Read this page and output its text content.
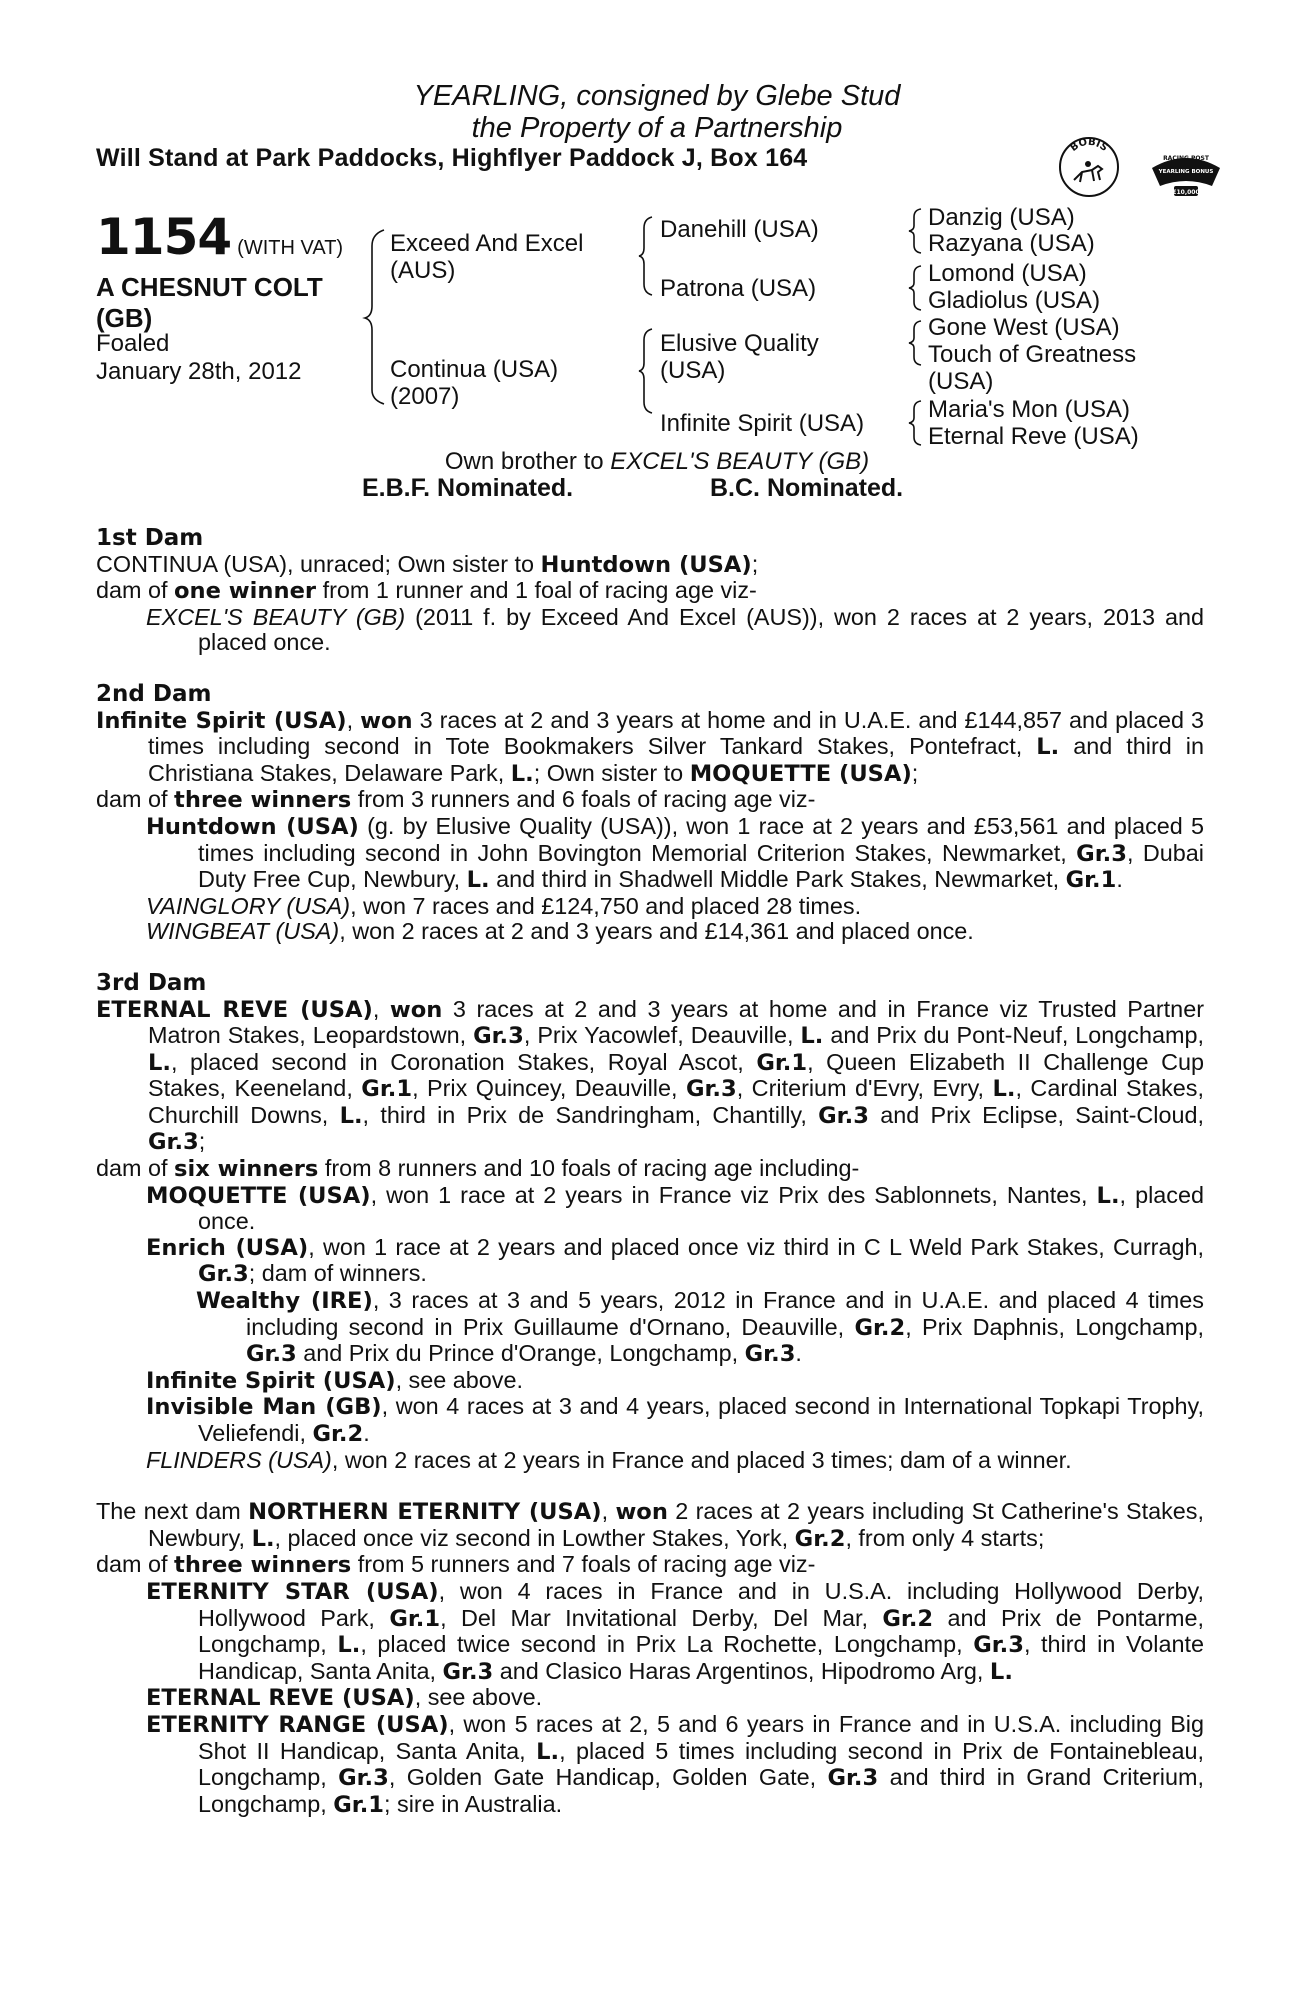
YEARLING, consigned by Glebe Stud
the Property of a Partnership
Will Stand at Park Paddocks, Highflyer Paddock J, Box 164	BOBIS
RACING POST
YEARLING BONUS
£10,000
1154 (WITH VAT)
A CHESNUT COLT
(GB)
Foaled
January 28th, 2012
Exceed And Excel
(AUS)
Continua (USA)
(2007)
Danehill (USA)
Patrona (USA)
Elusive Quality
(USA)
Infinite Spirit (USA)
Danzig (USA)
Razyana (USA)
Lomond (USA)
Gladiolus (USA)
Gone West (USA)
Touch of Greatness
(USA)
Maria's Mon (USA)
Eternal Reve (USA)
Own brother to EXCEL'S BEAUTY (GB)
E.B.F. Nominated.	B.C. Nominated.

1st Dam

CONTINUA (USA), unraced; Own sister to Huntdown (USA);

dam of one winner from 1 runner and 1 foal of racing age viz-

EXCEL'S BEAUTY (GB) (2011 f. by Exceed And Excel (AUS)), won 2 races at 2 years, 2013 and placed once.

2nd Dam

Infinite Spirit (USA), won 3 races at 2 and 3 years at home and in U.A.E. and £144,857 and placed 3 times including second in Tote Bookmakers Silver Tankard Stakes, Pontefract, L. and third in Christiana Stakes, Delaware Park, L.; Own sister to MOQUETTE (USA);

dam of three winners from 3 runners and 6 foals of racing age viz-

Huntdown (USA) (g. by Elusive Quality (USA)), won 1 race at 2 years and £53,561 and placed 5 times including second in John Bovington Memorial Criterion Stakes, Newmarket, Gr.3, Dubai Duty Free Cup, Newbury, L. and third in Shadwell Middle Park Stakes, Newmarket, Gr.1.

VAINGLORY (USA), won 7 races and £124,750 and placed 28 times.

WINGBEAT (USA), won 2 races at 2 and 3 years and £14,361 and placed once.

3rd Dam

ETERNAL REVE (USA), won 3 races at 2 and 3 years at home and in France viz Trusted Partner Matron Stakes, Leopardstown, Gr.3, Prix Yacowlef, Deauville, L. and Prix du Pont-Neuf, Longchamp, L., placed second in Coronation Stakes, Royal Ascot, Gr.1, Queen Elizabeth II Challenge Cup Stakes, Keeneland, Gr.1, Prix Quincey, Deauville, Gr.3, Criterium d'Evry, Evry, L., Cardinal Stakes, Churchill Downs, L., third in Prix de Sandringham, Chantilly, Gr.3 and Prix Eclipse, Saint-Cloud, Gr.3;

dam of six winners from 8 runners and 10 foals of racing age including-

MOQUETTE (USA), won 1 race at 2 years in France viz Prix des Sablonnets, Nantes, L., placed once.

Enrich (USA), won 1 race at 2 years and placed once viz third in C L Weld Park Stakes, Curragh, Gr.3; dam of winners.

Wealthy (IRE), 3 races at 3 and 5 years, 2012 in France and in U.A.E. and placed 4 times including second in Prix Guillaume d'Ornano, Deauville, Gr.2, Prix Daphnis, Longchamp, Gr.3 and Prix du Prince d'Orange, Longchamp, Gr.3.

Infinite Spirit (USA), see above.

Invisible Man (GB), won 4 races at 3 and 4 years, placed second in International Topkapi Trophy, Veliefendi, Gr.2.

FLINDERS (USA), won 2 races at 2 years in France and placed 3 times; dam of a winner.

The next dam NORTHERN ETERNITY (USA), won 2 races at 2 years including St Catherine's Stakes, Newbury, L., placed once viz second in Lowther Stakes, York, Gr.2, from only 4 starts;

dam of three winners from 5 runners and 7 foals of racing age viz-

ETERNITY STAR (USA), won 4 races in France and in U.S.A. including Hollywood Derby, Hollywood Park, Gr.1, Del Mar Invitational Derby, Del Mar, Gr.2 and Prix de Pontarme, Longchamp, L., placed twice second in Prix La Rochette, Longchamp, Gr.3, third in Volante Handicap, Santa Anita, Gr.3 and Clasico Haras Argentinos, Hipodromo Arg, L.

ETERNAL REVE (USA), see above.

ETERNITY RANGE (USA), won 5 races at 2, 5 and 6 years in France and in U.S.A. including Big Shot II Handicap, Santa Anita, L., placed 5 times including second in Prix de Fontainebleau, Longchamp, Gr.3, Golden Gate Handicap, Golden Gate, Gr.3 and third in Grand Criterium, Longchamp, Gr.1; sire in Australia.
